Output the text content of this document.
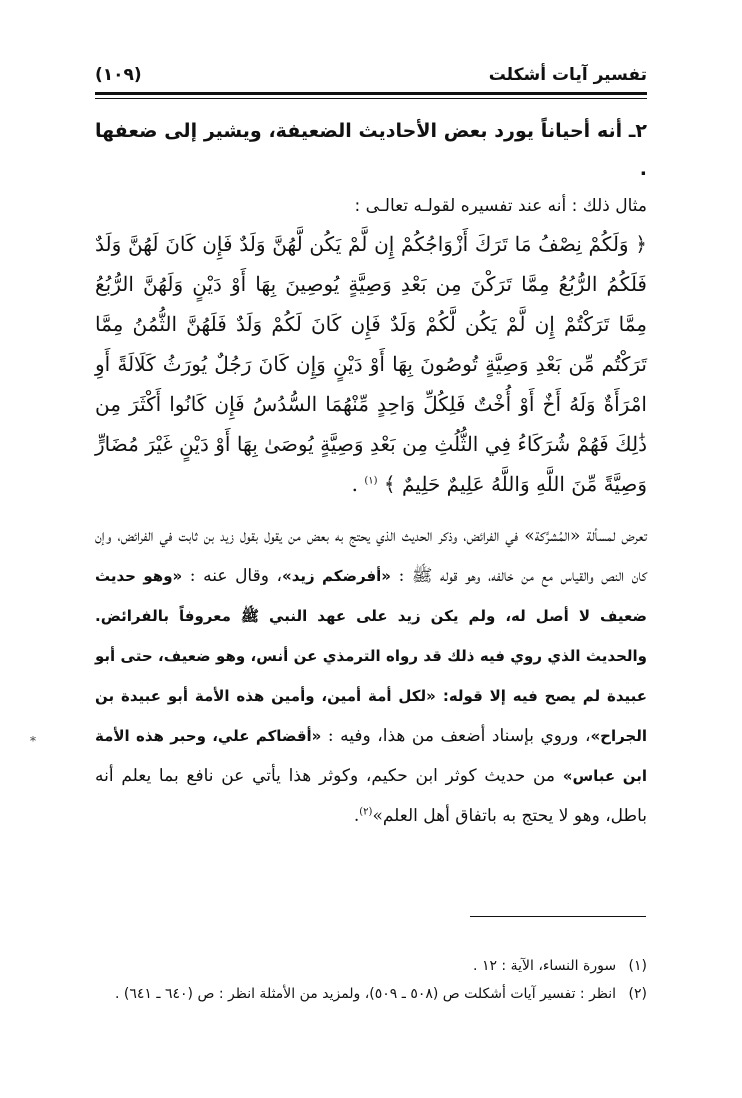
تفسير آيات أشكلت
(١٠٩)

٢ـ أنه أحياناً يورد بعض الأحاديث الضعيفة، ويشير إلى ضعفها .

مثال ذلك : أنه عند تفسيره لقولـه تعالـى :

﴿ وَلَكُمْ نِصْفُ مَا تَرَكَ أَزْوَاجُكُمْ إِن لَّمْ يَكُن لَّهُنَّ وَلَدٌ فَإِن كَانَ لَهُنَّ وَلَدٌ فَلَكُمُ الرُّبُعُ مِمَّا تَرَكْنَ مِن بَعْدِ وَصِيَّةٍ يُوصِينَ بِهَا أَوْ دَيْنٍ وَلَهُنَّ الرُّبُعُ مِمَّا تَرَكْتُمْ إِن لَّمْ يَكُن لَّكُمْ وَلَدٌ فَإِن كَانَ لَكُمْ وَلَدٌ فَلَهُنَّ الثُّمُنُ مِمَّا تَرَكْتُم مِّن بَعْدِ وَصِيَّةٍ تُوصُونَ بِهَا أَوْ دَيْنٍ وَإِن كَانَ رَجُلٌ يُورَثُ كَلَالَةً أَوِ امْرَأَةٌ وَلَهُ أَخٌ أَوْ أُخْتٌ فَلِكُلِّ وَاحِدٍ مِّنْهُمَا السُّدُسُ فَإِن كَانُوا أَكْثَرَ مِن ذَٰلِكَ فَهُمْ شُرَكَاءُ فِي الثُّلُثِ مِن بَعْدِ وَصِيَّةٍ يُوصَىٰ بِهَا أَوْ دَيْنٍ غَيْرَ مُضَارٍّ وَصِيَّةً مِّنَ اللَّهِ وَاللَّهُ عَلِيمٌ حَلِيمٌ ﴾ $^{(١)}$ .

تعرض لمسألة «المُشرَّكة» في الفرائض، وذكر الحديث الذي يحتج به بعض من يقول بقول زيد بن ثابت في الفرائض، وإن كان النص والقياس مع من خالفه، وهو قوله ﷺ : «أفرضكم زيد»، وقال عنه : «وهو حديث ضعيف لا أصل له، ولم يكن زيد على عهد النبي ﷺ معروفاً بالفرائض. والحديث الذي روي فيه ذلك قد رواه الترمذي عن أنس، وهو ضعيف، حتى أبو عبيدة لم يصح فيه إلا قوله: «لكل أمة أمين، وأمين هذه الأمة أبو عبيدة بن الجراح»، وروي بإسناد أضعف من هذا، وفيه : «أقضاكم علي، وحبر هذه الأمة ابن عباس» من حديث كوثر ابن حكيم، وكوثر هذا يأتي عن نافع بما يعلم أنه باطل، وهو لا يحتج به باتفاق أهل العلم»$^{(٢)}$.

(١) سورة النساء، الآية : ١٢ .

(٢) انظر : تفسير آيات أشكلت ص (٥٠٨ ـ ٥٠٩)، ولمزيد من الأمثلة انظر : ص (٦٤٠ ـ ٦٤١) .

*
